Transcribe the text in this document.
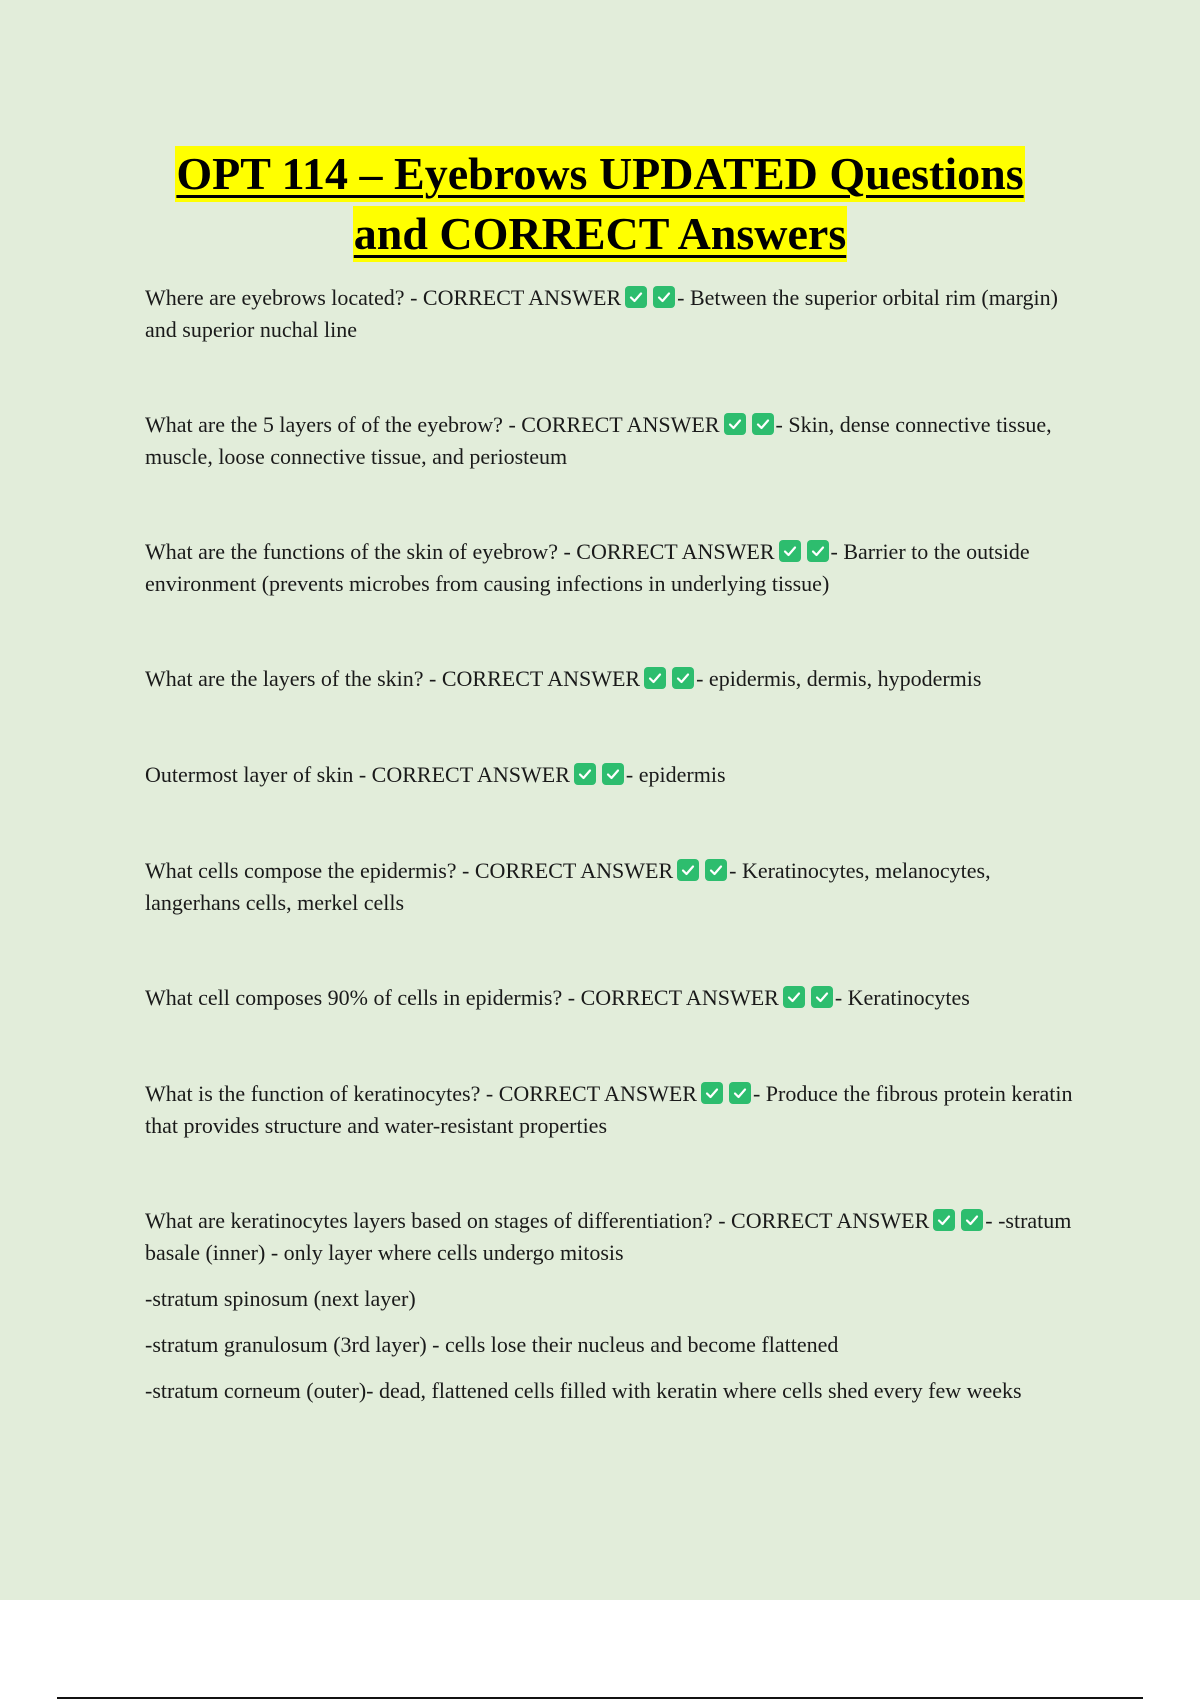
OPT 114 – Eyebrows UPDATED Questions
and CORRECT Answers

Where are eyebrows located? - CORRECT ANSWER	- Between the superior orbital rim (margin) and superior nuchal line

What are the 5 layers of of the eyebrow? - CORRECT ANSWER	- Skin, dense connective tissue, muscle, loose connective tissue, and periosteum

What are the functions of the skin of eyebrow? - CORRECT ANSWER	- Barrier to the outside environment (prevents microbes from causing infections in underlying tissue)

What are the layers of the skin? - CORRECT ANSWER	- epidermis, dermis, hypodermis

Outermost layer of skin - CORRECT ANSWER	- epidermis

What cells compose the epidermis? - CORRECT ANSWER	- Keratinocytes, melanocytes, langerhans cells, merkel cells

What cell composes 90% of cells in epidermis? - CORRECT ANSWER	- Keratinocytes

What is the function of keratinocytes? - CORRECT ANSWER	- Produce the fibrous protein keratin that provides structure and water-resistant properties

What are keratinocytes layers based on stages of differentiation? - CORRECT ANSWER	- -stratum basale (inner) - only layer where cells undergo mitosis

-stratum spinosum (next layer)

-stratum granulosum (3rd layer) - cells lose their nucleus and become flattened

-stratum corneum (outer)- dead, flattened cells filled with keratin where cells shed every few weeks
